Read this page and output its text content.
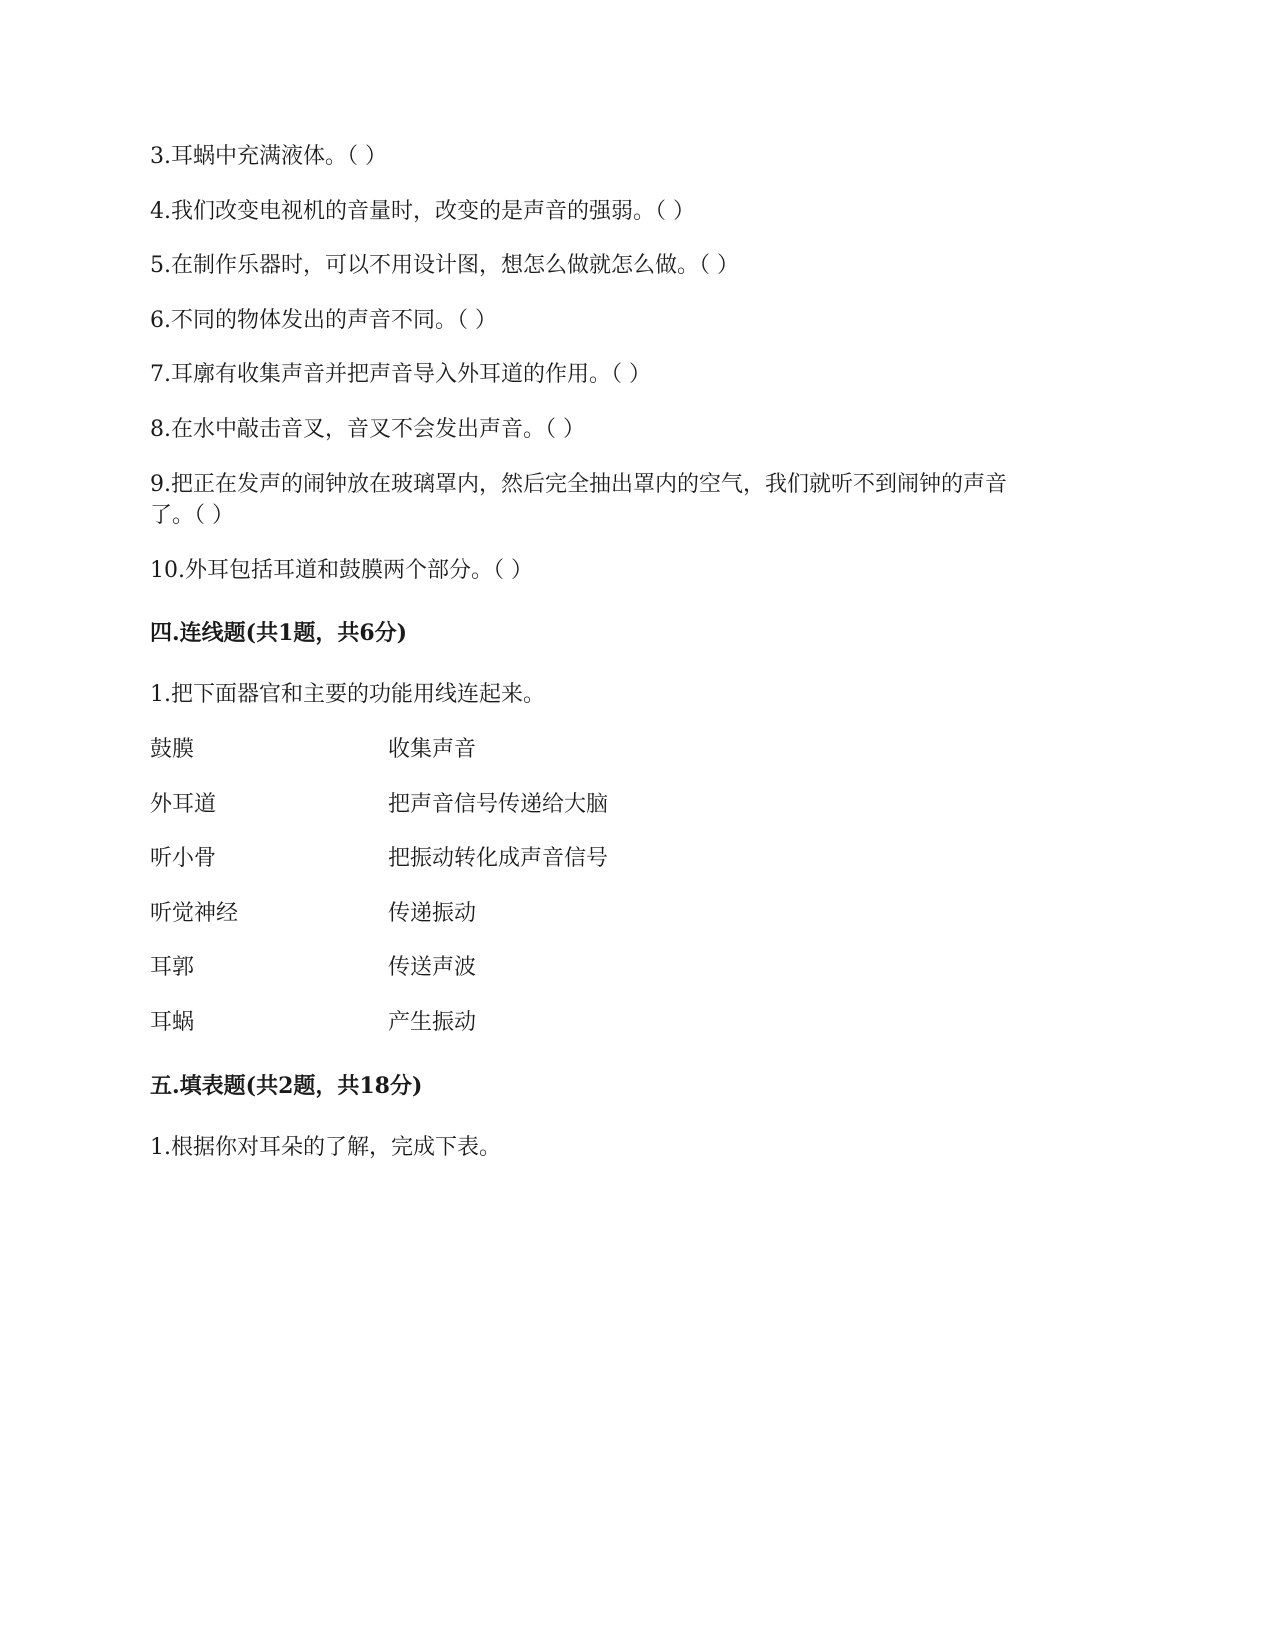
3.耳蜗中充满液体。（ ）
4.我们改变电视机的音量时，改变的是声音的强弱。（ ）
5.在制作乐器时，可以不用设计图，想怎么做就怎么做。（ ）
6.不同的物体发出的声音不同。（ ）
7.耳廓有收集声音并把声音导入外耳道的作用。（ ）
8.在水中敲击音叉，音叉不会发出声音。（ ）
9.把正在发声的闹钟放在玻璃罩内，然后完全抽出罩内的空气，我们就听不到闹钟的声音
了。（ ）
10.外耳包括耳道和鼓膜两个部分。（ ）
四.连线题(共1题，共6分)
1.把下面器官和主要的功能用线连起来。
鼓膜	收集声音
外耳道	把声音信号传递给大脑
听小骨	把振动转化成声音信号
听觉神经	传递振动
耳郭	传送声波
耳蜗	产生振动
五.填表题(共2题，共18分)
1.根据你对耳朵的了解，完成下表。
